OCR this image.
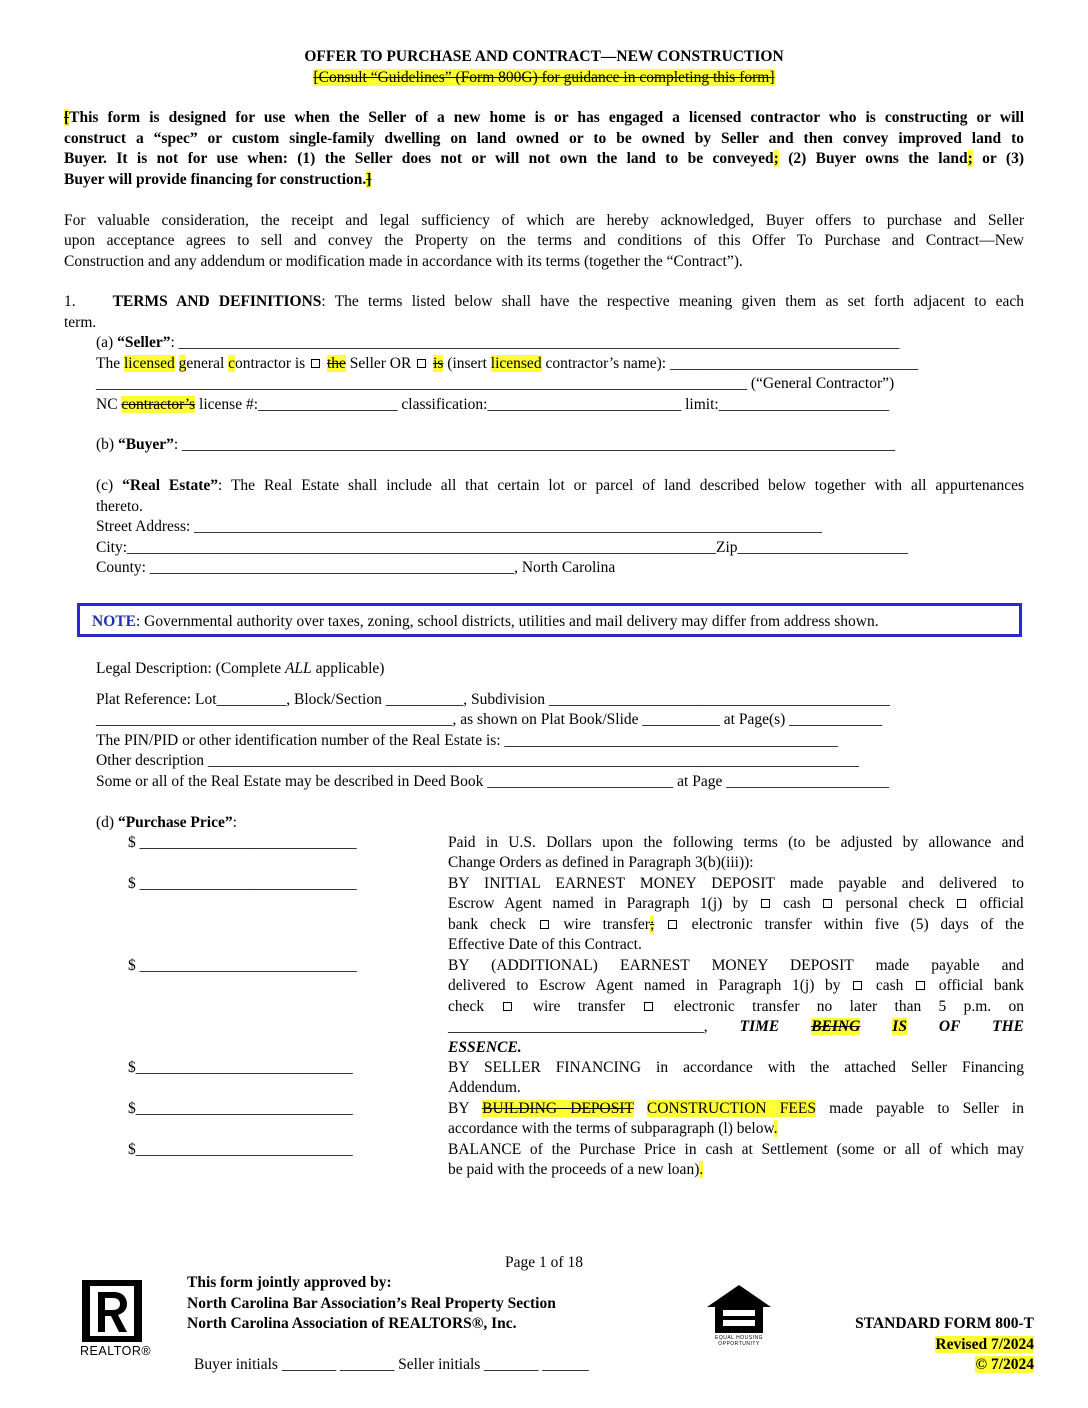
OFFER TO PURCHASE AND CONTRACT—NEW CONSTRUCTION
[Consult “Guidelines” (Form 800G) for guidance in completing this form]
[This form is designed for use when the Seller of a new home is or has engaged a licensed contractor who is constructing or will
construct a “spec” or custom single-family dwelling on land owned or to be owned by Seller and then convey improved land to
Buyer. It is not for use when: (1) the Seller does not or will not own the land to be conveyed; (2) Buyer owns the land; or (3)
Buyer will provide financing for construction.]
For valuable consideration, the receipt and legal sufficiency of which are hereby acknowledged, Buyer offers to purchase and Seller
upon acceptance agrees to sell and convey the Property on the terms and conditions of this Offer To Purchase and Contract—New
Construction and any addendum or modification made in accordance with its terms (together the “Contract”).
1. TERMS AND DEFINITIONS: The terms listed below shall have the respective meaning given them as set forth adjacent to each
term.
(a) “Seller”: _____________________________________________________________________________________________
The licensed general contractor is  the Seller OR  is (insert licensed contractor’s name): ________________________________
____________________________________________________________________________________ (“General Contractor”)
NC contractor’s license #:__________________ classification:_________________________ limit:______________________
(b) “Buyer”: ____________________________________________________________________________________________
(c) “Real Estate”: The Real Estate shall include all that certain lot or parcel of land described below together with all appurtenances
thereto.
Street Address: _________________________________________________________________________________
City:____________________________________________________________________________Zip______________________
County: _______________________________________________, North Carolina
NOTE: Governmental authority over taxes, zoning, school districts, utilities and mail delivery may differ from address shown.
Legal Description: (Complete ALL applicable)
Plat Reference: Lot_________, Block/Section __________, Subdivision ____________________________________________
______________________________________________, as shown on Plat Book/Slide __________ at Page(s) ____________
The PIN/PID or other identification number of the Real Estate is: ___________________________________________
Other description ____________________________________________________________________________________
Some or all of the Real Estate may be described in Deed Book ________________________ at Page _____________________
(d) “Purchase Price”:
$ ____________________________
$ ____________________________
$ ____________________________
$____________________________
$____________________________
$____________________________
Paid in U.S. Dollars upon the following terms (to be adjusted by allowance and
Change Orders as defined in Paragraph 3(b)(iii)):
BY INITIAL EARNEST MONEY DEPOSIT made payable and delivered to
Escrow Agent named in Paragraph 1(j) by  cash  personal check  official
bank check  wire transfer;  electronic transfer within five (5) days of the
Effective Date of this Contract.
BY (ADDITIONAL) EARNEST MONEY DEPOSIT made payable and
delivered to Escrow Agent named in Paragraph 1(j) by  cash  official bank
check  wire transfer  electronic transfer no later than 5 p.m. on
_________________________________, TIME BEING IS OF THE
ESSENCE.
BY SELLER FINANCING in accordance with the attached Seller Financing
Addendum.
BY BUILDING DEPOSIT CONSTRUCTION FEES made payable to Seller in
accordance with the terms of subparagraph (l) below.
BALANCE of the Purchase Price in cash at Settlement (some or all of which may
be paid with the proceeds of a new loan).
Page 1 of 18
REALTOR®
This form jointly approved by:
North Carolina Bar Association’s Real Property Section
North Carolina Association of REALTORS®, Inc.
Buyer initials _______ _______ Seller initials _______ ______
EQUAL HOUSING OPPORTUNITY
STANDARD FORM 800-T
Revised 7/2024
© 7/2024
